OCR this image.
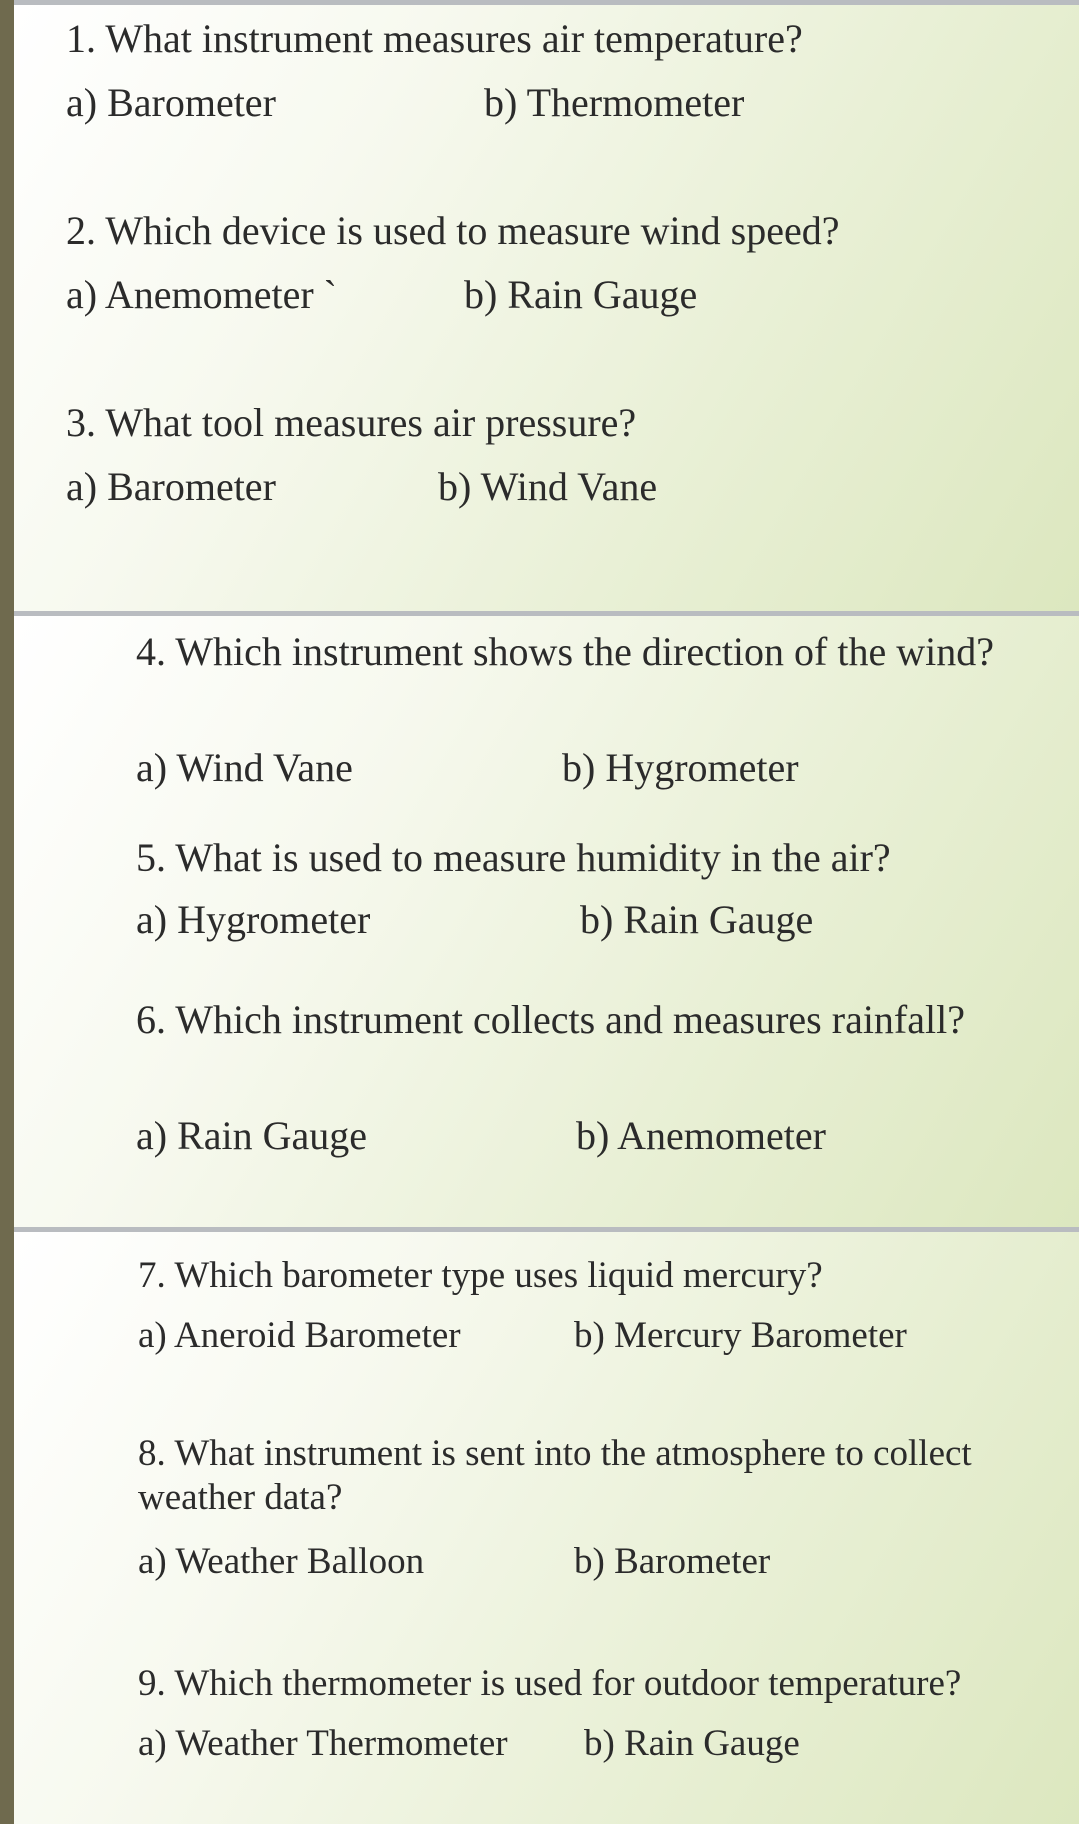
1. What instrument measures air temperature?
a) Barometer	b) Thermometer
2. Which device is used to measure wind speed?
a) Anemometer `	b) Rain Gauge
3. What tool measures air pressure?
a) Barometer	b) Wind Vane
4. Which instrument shows the direction of the wind?
a) Wind Vane	b) Hygrometer
5. What is used to measure humidity in the air?
a) Hygrometer	b) Rain Gauge
6. Which instrument collects and measures rainfall?
a) Rain Gauge	b) Anemometer
7. Which barometer type uses liquid mercury?
a) Aneroid Barometer	b) Mercury Barometer
8. What instrument is sent into the atmosphere to collect weather data?
a) Weather Balloon	b) Barometer
9. Which thermometer is used for outdoor temperature?
a) Weather Thermometer b) Rain Gauge
